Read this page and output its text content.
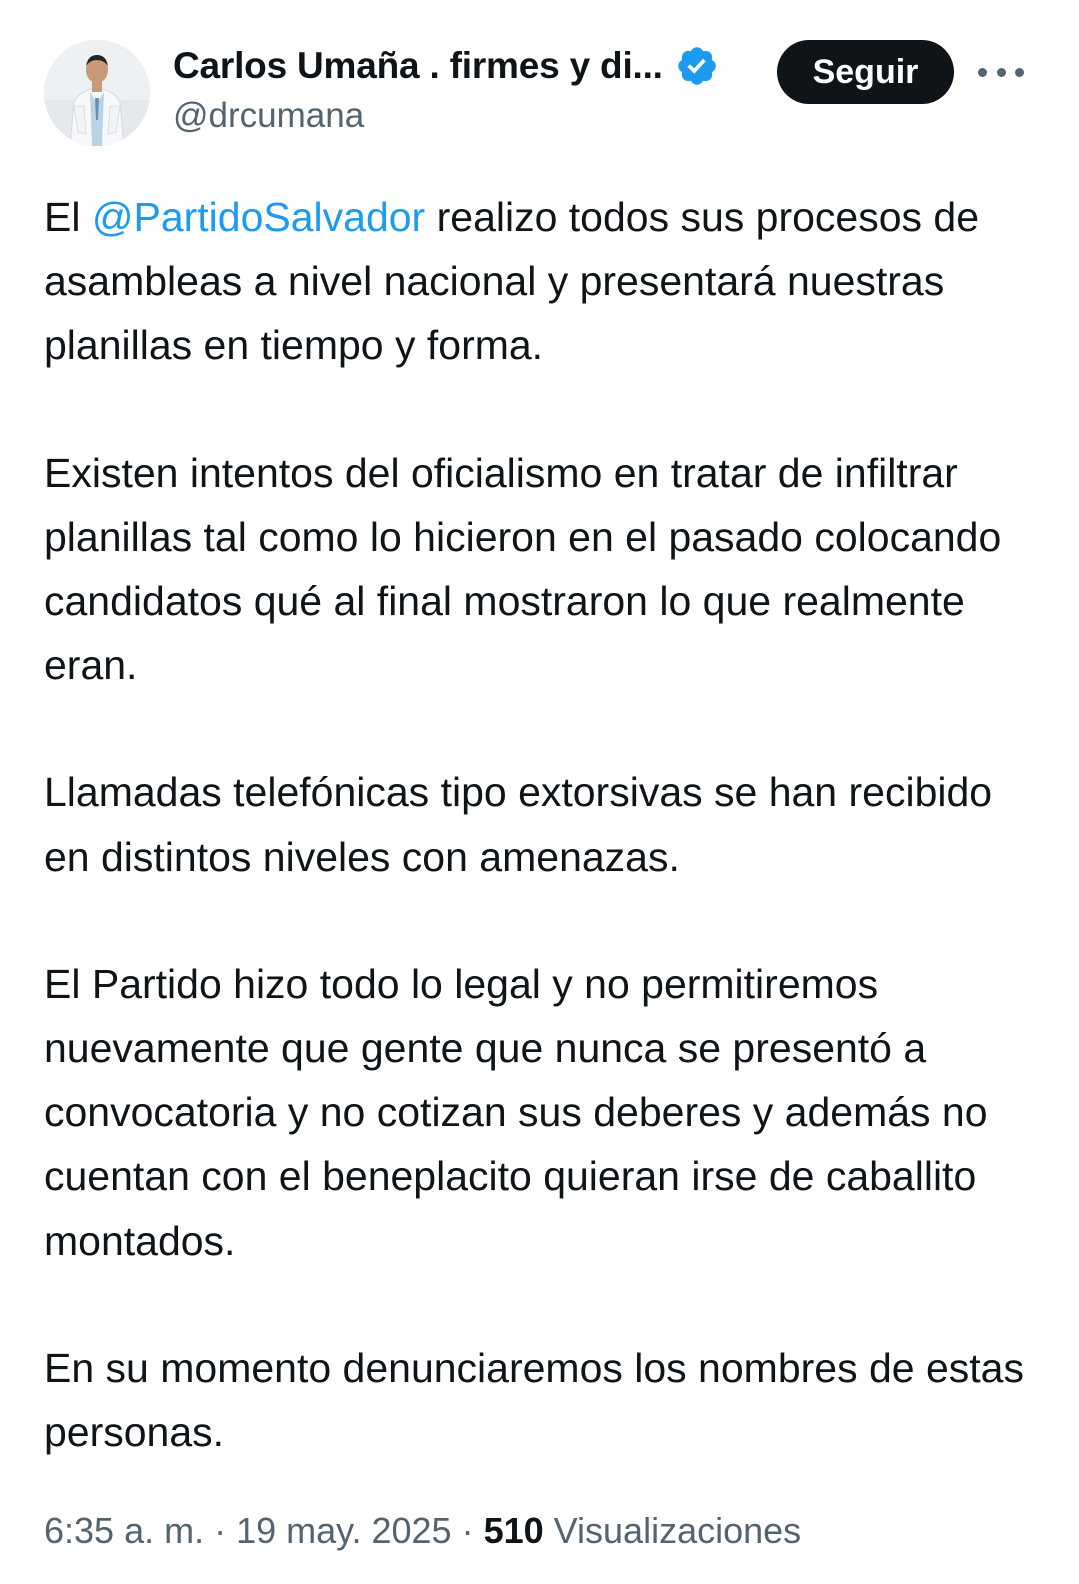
Carlos Umaña . firmes y di...
@drcumana
Seguir

El @PartidoSalvador realizo todos sus procesos de asambleas a nivel nacional y presentará nuestras planillas en tiempo y forma.

Existen intentos del oficialismo en tratar de infiltrar planillas tal como lo hicieron en el pasado colocando candidatos qué al final mostraron lo que realmente eran.

Llamadas telefónicas tipo extorsivas se han recibido en distintos niveles con amenazas.

El Partido hizo todo lo legal y no permitiremos nuevamente que gente que nunca se presentó a convocatoria y no cotizan sus deberes y además no cuentan con el beneplacito quieran irse de caballito montados.

En su momento denunciaremos los nombres de estas personas.

6:35 a. m. · 19 may. 2025 · 510 Visualizaciones
